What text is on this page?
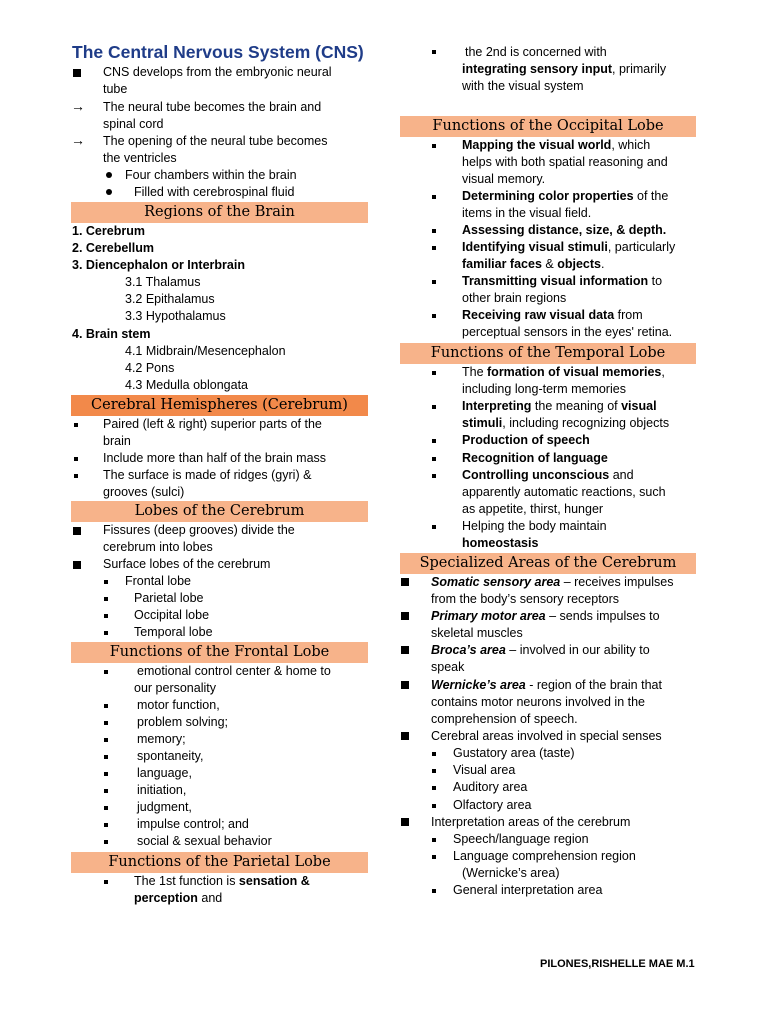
The Central Nervous System (CNS)
CNS develops from the embryonic neural
tube
→ The neural tube becomes the brain and
spinal cord
→ The opening of the neural tube becomes
the ventricles
Four chambers within the brain
Filled with cerebrospinal fluid
Regions of the Brain
1. Cerebrum
2. Cerebellum
3. Diencephalon or Interbrain
3.1 Thalamus
3.2 Epithalamus
3.3 Hypothalamus
4. Brain stem
4.1 Midbrain/Mesencephalon
4.2 Pons
4.3 Medulla oblongata
Cerebral Hemispheres (Cerebrum)
Paired (left & right) superior parts of the
brain
Include more than half of the brain mass
The surface is made of ridges (gyri) &
grooves (sulci)
Lobes of the Cerebrum
Fissures (deep grooves) divide the
cerebrum into lobes
Surface lobes of the cerebrum
Frontal lobe
Parietal lobe
Occipital lobe
Temporal lobe
Functions of the Frontal Lobe
emotional control center & home to
our personality
motor function,
problem solving;
memory;
spontaneity,
language,
initiation,
judgment,
impulse control; and
social & sexual behavior
Functions of the Parietal Lobe
The 1st function is sensation &
perception and
the 2nd is concerned with
integrating sensory input, primarily
with the visual system
Functions of the Occipital Lobe
Mapping the visual world, which
helps with both spatial reasoning and
visual memory.
Determining color properties of the
items in the visual field.
Assessing distance, size, & depth.
Identifying visual stimuli, particularly
familiar faces & objects.
Transmitting visual information to
other brain regions
Receiving raw visual data from
perceptual sensors in the eyes' retina.
Functions of the Temporal Lobe
The formation of visual memories,
including long-term memories
Interpreting the meaning of visual
stimuli, including recognizing objects
Production of speech
Recognition of language
Controlling unconscious and
apparently automatic reactions, such
as appetite, thirst, hunger
Helping the body maintain
homeostasis
Specialized Areas of the Cerebrum
Somatic sensory area – receives impulses
from the body’s sensory receptors
Primary motor area – sends impulses to
skeletal muscles
Broca’s area – involved in our ability to
speak
Wernicke’s area - region of the brain that
contains motor neurons involved in the
comprehension of speech.
Cerebral areas involved in special senses
Gustatory area (taste)
Visual area
Auditory area
Olfactory area
Interpretation areas of the cerebrum
Speech/language region
Language comprehension region
(Wernicke’s area)
General interpretation area
PILONES,RISHELLE MAE M.1
